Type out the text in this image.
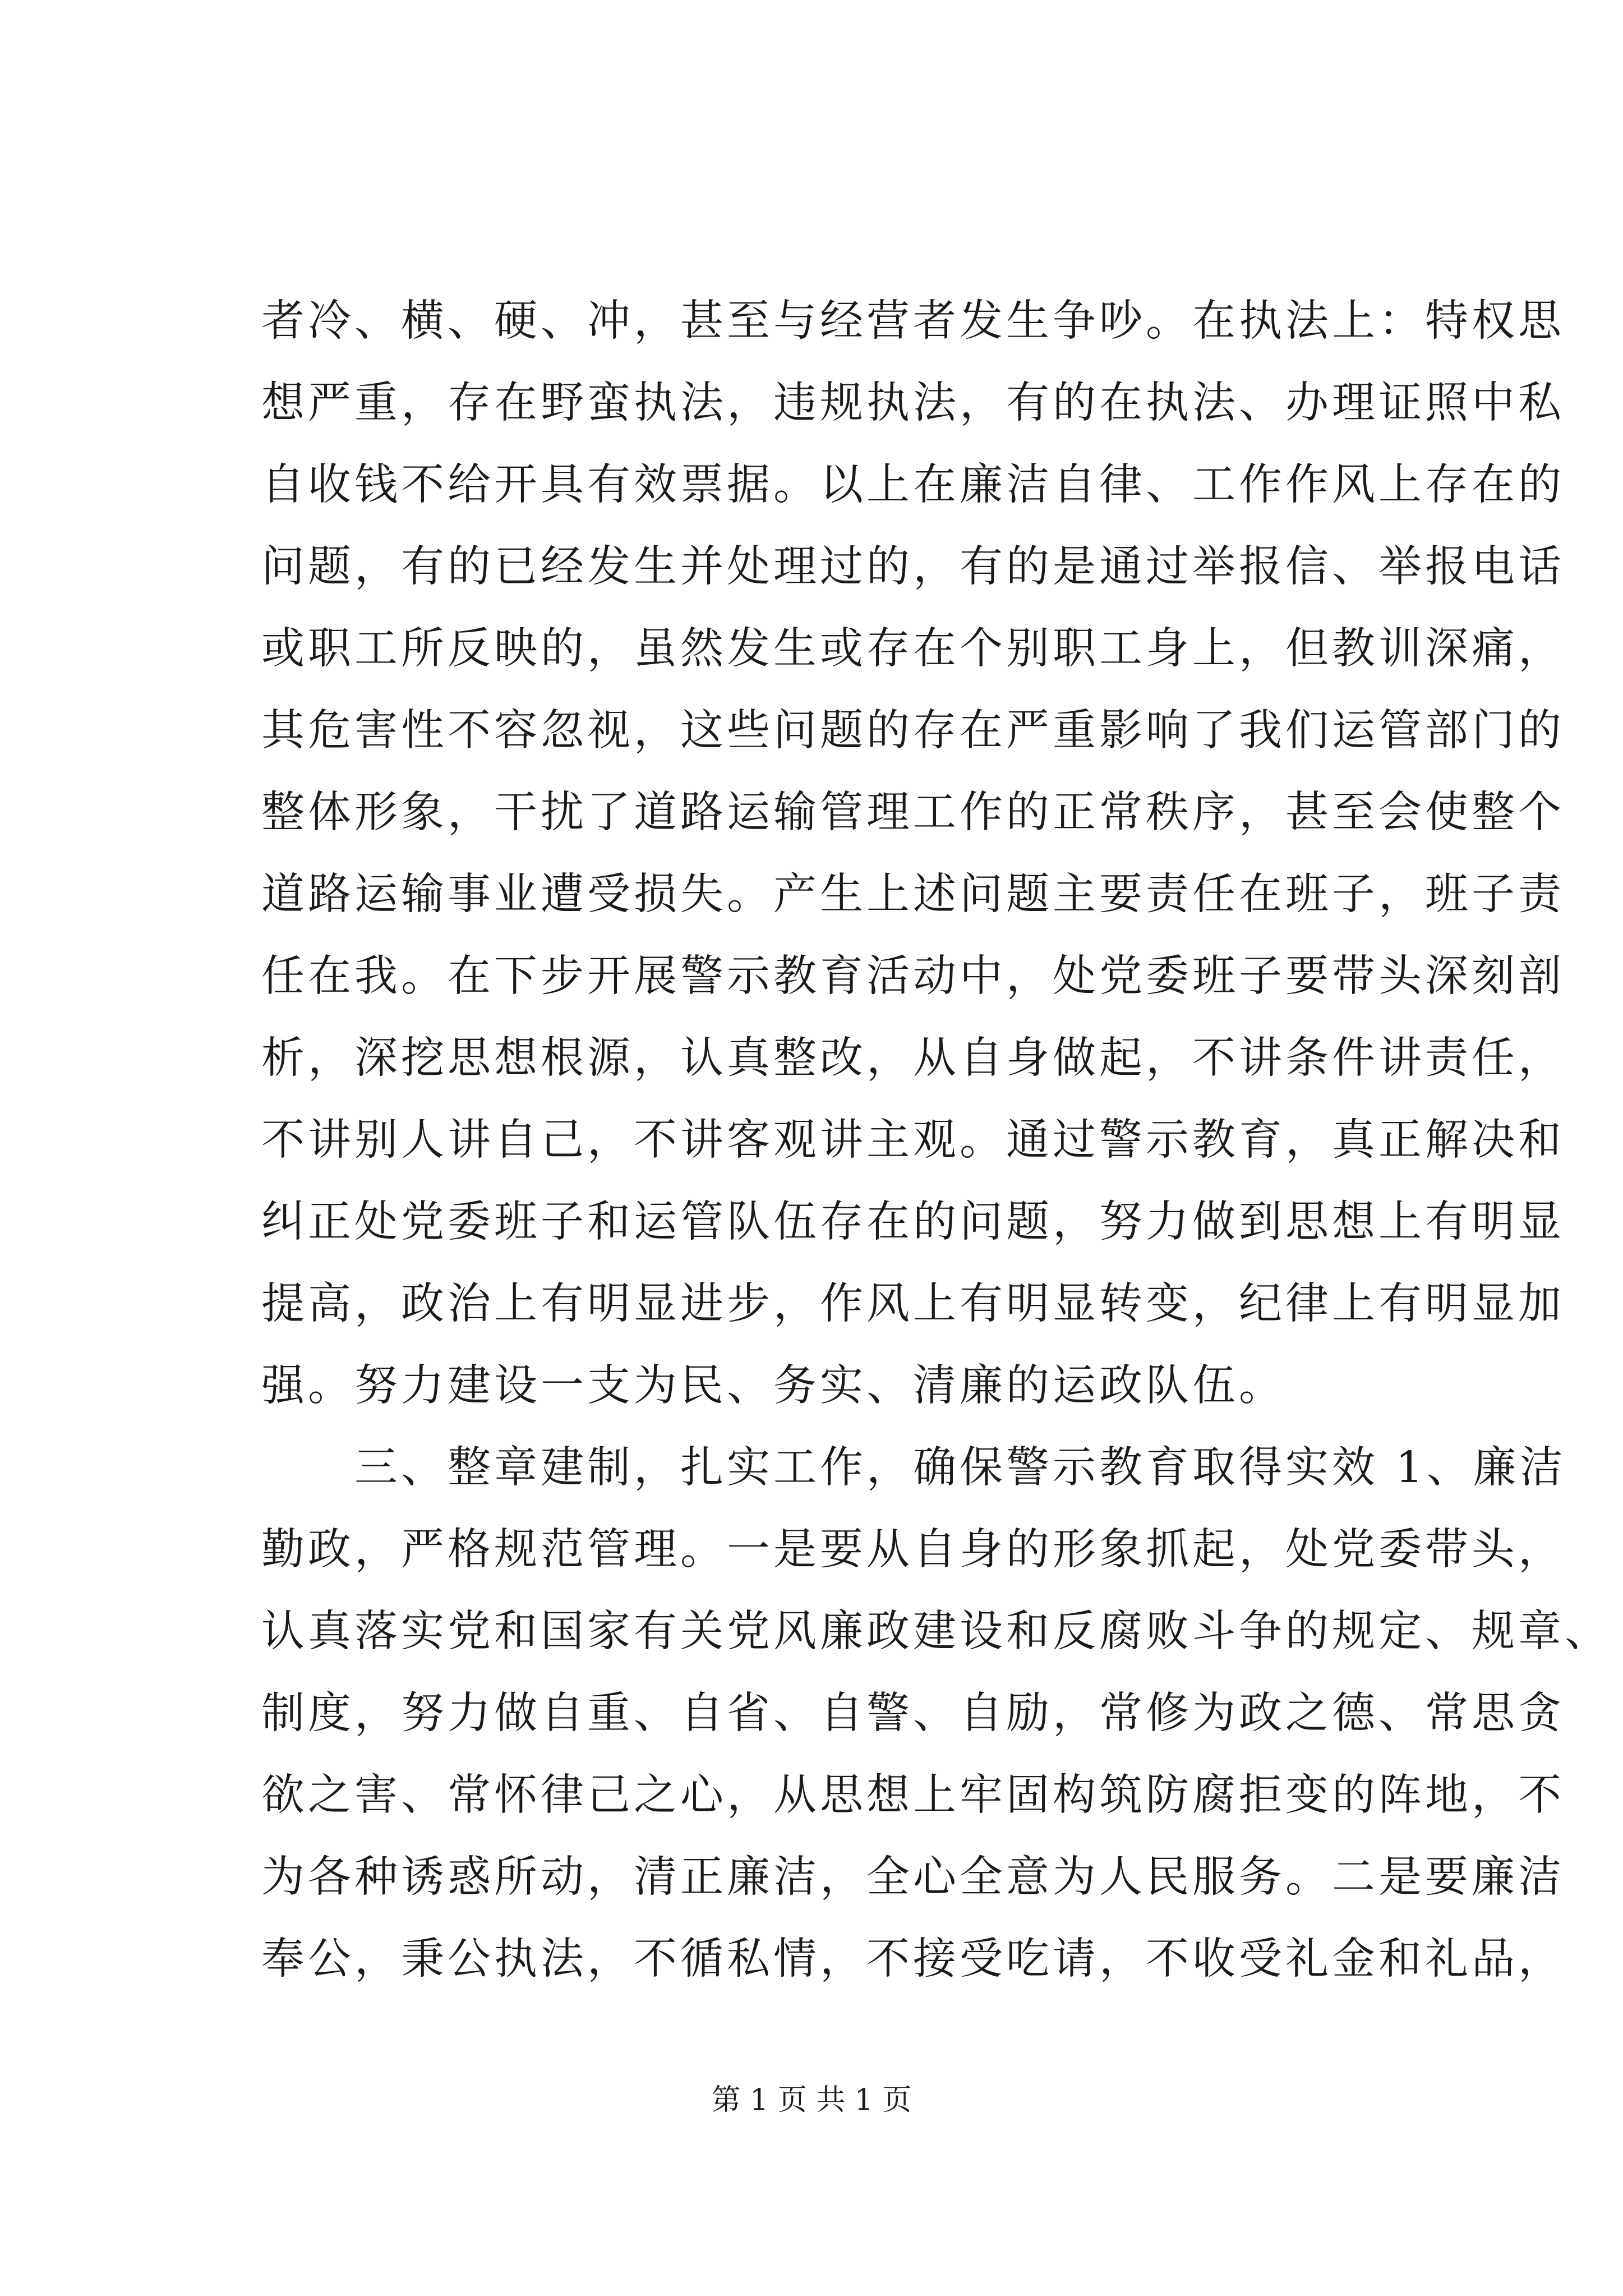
者冷、横、硬、冲，甚至与经营者发生争吵。在执法上：特权思
想严重，存在野蛮执法，违规执法，有的在执法、办理证照中私
自收钱不给开具有效票据。以上在廉洁自律、工作作风上存在的
问题，有的已经发生并处理过的，有的是通过举报信、举报电话
或职工所反映的，虽然发生或存在个别职工身上，但教训深痛，
其危害性不容忽视，这些问题的存在严重影响了我们运管部门的
整体形象，干扰了道路运输管理工作的正常秩序，甚至会使整个
道路运输事业遭受损失。产生上述问题主要责任在班子，班子责
任在我。在下步开展警示教育活动中，处党委班子要带头深刻剖
析，深挖思想根源，认真整改，从自身做起，不讲条件讲责任，
不讲别人讲自己，不讲客观讲主观。通过警示教育，真正解决和
纠正处党委班子和运管队伍存在的问题，努力做到思想上有明显
提高，政治上有明显进步，作风上有明显转变，纪律上有明显加
强。努力建设一支为民、务实、清廉的运政队伍。
三、整章建制，扎实工作，确保警示教育取得实效 1、廉洁
勤政，严格规范管理。一是要从自身的形象抓起，处党委带头，
认真落实党和国家有关党风廉政建设和反腐败斗争的规定、规章、
制度，努力做自重、自省、自警、自励，常修为政之德、常思贪
欲之害、常怀律己之心，从思想上牢固构筑防腐拒变的阵地，不
为各种诱惑所动，清正廉洁，全心全意为人民服务。二是要廉洁
奉公，秉公执法，不循私情，不接受吃请，不收受礼金和礼品，
第 1 页 共 1 页
